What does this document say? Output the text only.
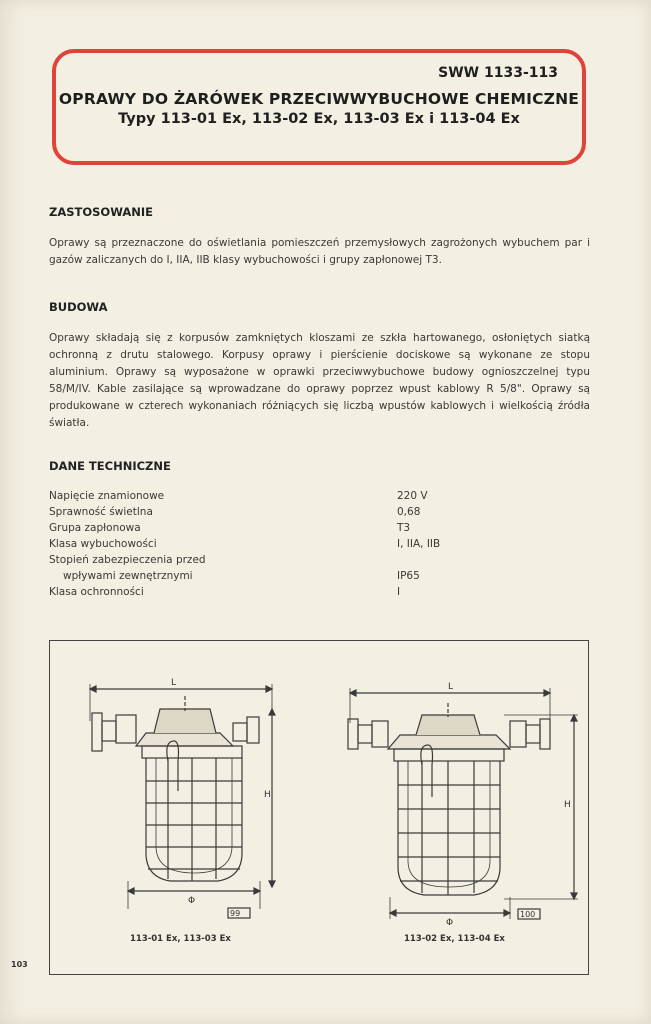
SWW 1133-113
OPRAWY DO ŻARÓWEK PRZECIWWYBUCHOWE CHEMICZNE
Typy 113-01 Ex, 113-02 Ex, 113-03 Ex i 113-04 Ex
ZASTOSOWANIE

Oprawy są przeznaczone do oświetlania pomieszczeń przemysłowych zagrożonych wybuchem par i gazów zaliczanych do I, IIA, IIB klasy wybuchowości i grupy zapłonowej T3.

BUDOWA

Oprawy składają się z korpusów zamkniętych kloszami ze szkła hartowanego, osłoniętych siatką ochronną z drutu stalowego. Korpusy oprawy i pierścienie dociskowe są wykonane ze stopu aluminium. Oprawy są wyposażone w oprawki przeciwwybuchowe budowy ognioszczelnej typu 58/M/IV. Kable zasilające są wprowadzane do oprawy poprzez wpust kablowy R 5/8". Oprawy są produkowane w czterech wykonaniach różniących się liczbą wpustów kablowych i wielkością źródła światła.

DANE TECHNICZNE
Napięcie znamionowe	220 V
Sprawność świetlna	0,68
Grupa zapłonowa	T3
Klasa wybuchowości	I, IIA, IIB
Stopień zabezpieczenia przed
wpływami zewnętrznymi	IP65
Klasa ochronności	I
L
H
Φ
99
L
H
Φ
100
113-01 Ex, 113-03 Ex	113-02 Ex, 113-04 Ex
103
